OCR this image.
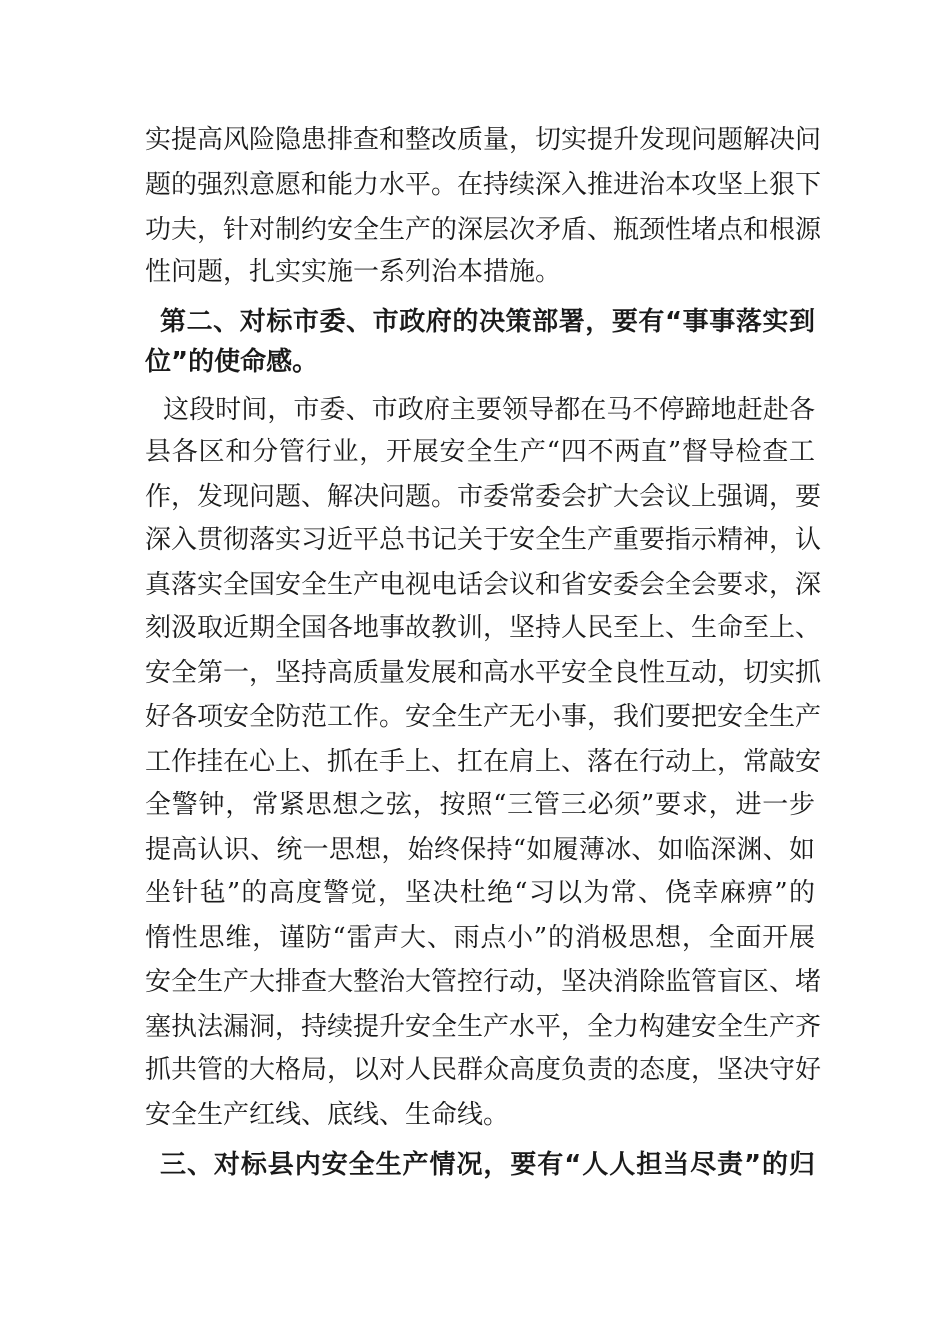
实提高风险隐患排查和整改质量，切实提升发现问题解决问
题的强烈意愿和能力水平。在持续深入推进治本攻坚上狠下
功夫，针对制约安全生产的深层次矛盾、瓶颈性堵点和根源
性问题，扎实实施一系列治本措施。
第二、对标市委、市政府的决策部署，要有“事事落实到
位”的使命感。
这段时间，市委、市政府主要领导都在马不停蹄地赶赴各
县各区和分管行业，开展安全生产“四不两直”督导检查工
作，发现问题、解决问题。市委常委会扩大会议上强调，要
深入贯彻落实习近平总书记关于安全生产重要指示精神，认
真落实全国安全生产电视电话会议和省安委会全会要求，深
刻汲取近期全国各地事故教训，坚持人民至上、生命至上、
安全第一，坚持高质量发展和高水平安全良性互动，切实抓
好各项安全防范工作。安全生产无小事，我们要把安全生产
工作挂在心上、抓在手上、扛在肩上、落在行动上，常敲安
全警钟，常紧思想之弦，按照“三管三必须”要求，进一步
提高认识、统一思想，始终保持“如履薄冰、如临深渊、如
坐针毡”的高度警觉，坚决杜绝“习以为常、侥幸麻痹”的
惰性思维，谨防“雷声大、雨点小”的消极思想，全面开展
安全生产大排查大整治大管控行动，坚决消除监管盲区、堵
塞执法漏洞，持续提升安全生产水平，全力构建安全生产齐
抓共管的大格局，以对人民群众高度负责的态度，坚决守好
安全生产红线、底线、生命线。
三、对标县内安全生产情况，要有“人人担当尽责”的归
